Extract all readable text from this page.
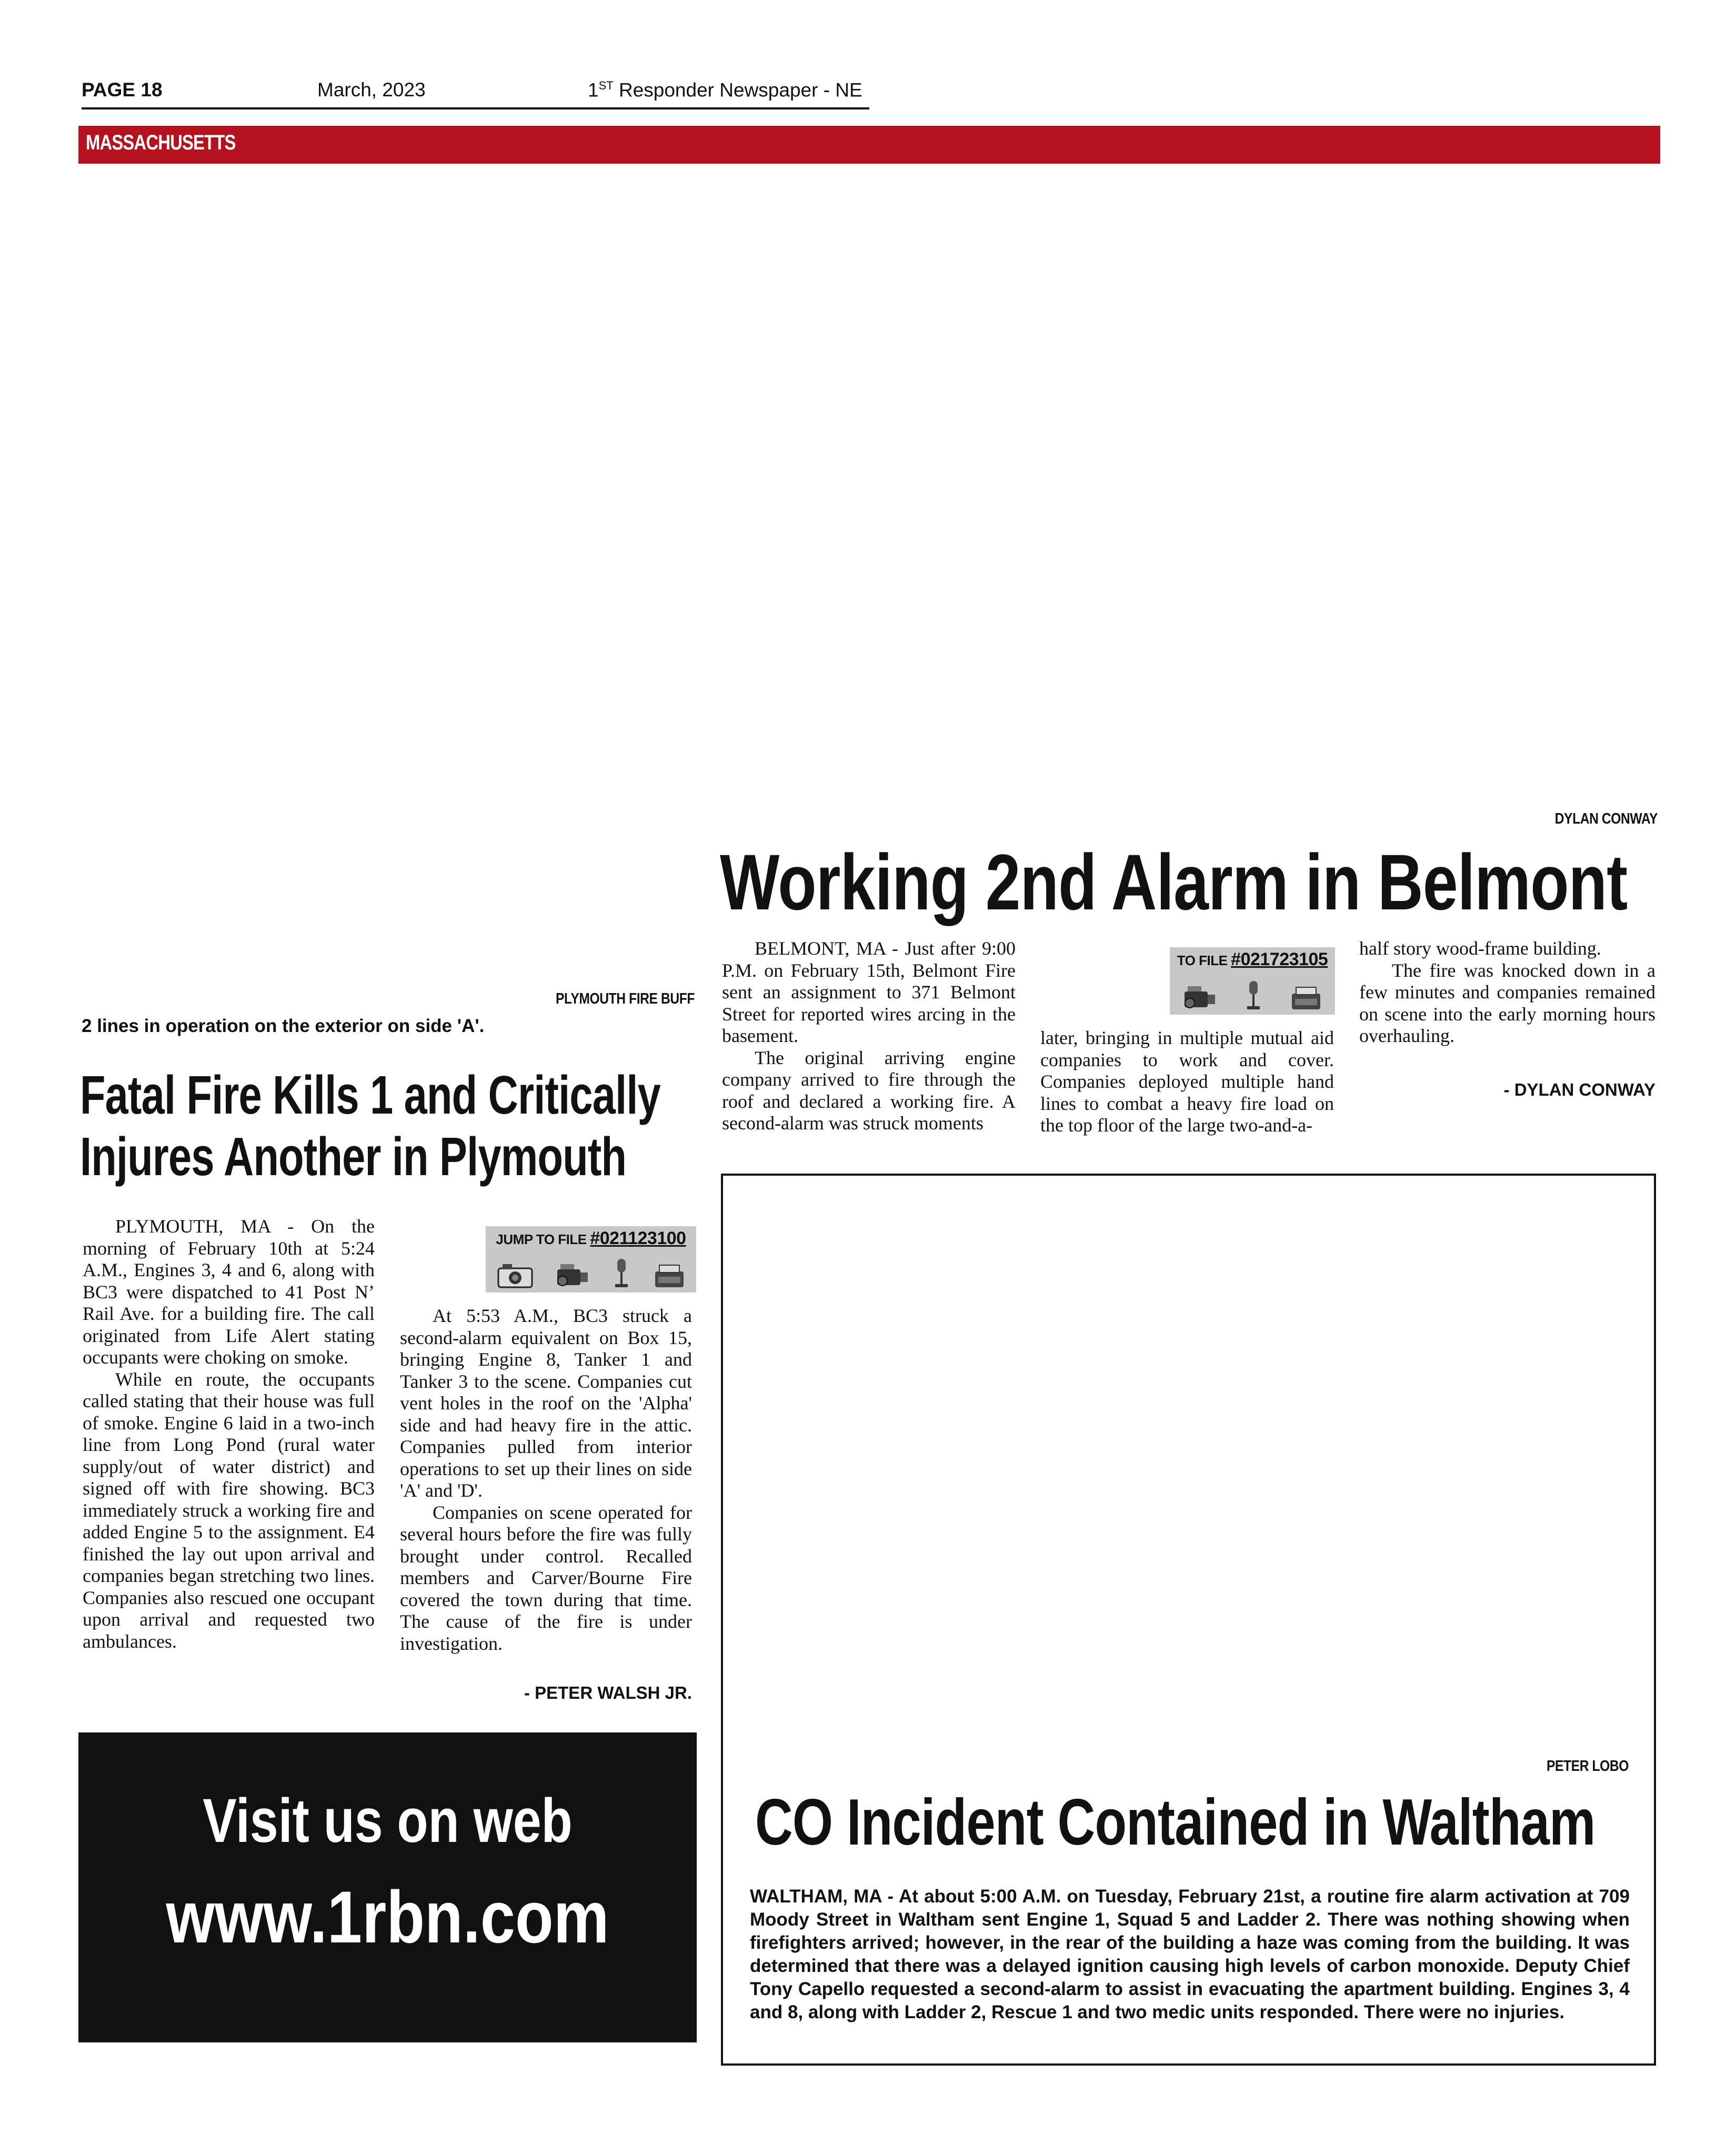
PAGE 18	March, 2023	1ST Responder Newspaper - NE
MASSACHUSETTS
DYLAN CONWAY
Working 2nd Alarm in Belmont

BELMONT, MA - Just after 9:00 P.M. on February 15th, Belmont Fire sent an assignment to 371 Belmont Street for reported wires arcing in the basement.

The original arriving engine company arrived to fire through the roof and declared a working fire. A second-alarm was struck moments

TO FILE #021723105

later, bringing in multiple mutual aid companies to work and cover. Companies deployed multiple hand lines to combat a heavy fire load on the top floor of the large two-and-a-

half story wood-frame building.

The fire was knocked down in a few minutes and companies remained on scene into the early morning hours overhauling.

- DYLAN CONWAY
PLYMOUTH FIRE BUFF
2 lines in operation on the exterior on side 'A'.
Fatal Fire Kills 1 and Critically
Injures Another in Plymouth

PLYMOUTH, MA - On the morning of February 10th at 5:24 A.M., Engines 3, 4 and 6, along with BC3 were dispatched to 41 Post N’ Rail Ave. for a building fire. The call originated from Life Alert stating occupants were choking on smoke.

While en route, the occupants called stating that their house was full of smoke. Engine 6 laid in a two-inch line from Long Pond (rural water supply/out of water district) and signed off with fire showing. BC3 immediately struck a working fire and added Engine 5 to the assignment. E4 finished the lay out upon arrival and companies began stretching two lines. Companies also rescued one occupant upon arrival and requested two ambulances.

JUMP TO FILE #021123100

At 5:53 A.M., BC3 struck a second-alarm equivalent on Box 15, bringing Engine 8, Tanker 1 and Tanker 3 to the scene. Companies cut vent holes in the roof on the 'Alpha' side and had heavy fire in the attic. Companies pulled from interior operations to set up their lines on side 'A' and 'D'.

Companies on scene operated for several hours before the fire was fully brought under control. Recalled members and Carver/Bourne Fire covered the town during that time. The cause of the fire is under investigation.

- PETER WALSH JR.
Visit us on web
www.1rbn.com
PETER LOBO
CO Incident Contained in Waltham
WALTHAM, MA - At about 5:00 A.M. on Tuesday, February 21st, a routine fire alarm activation at 709 Moody Street in Waltham sent Engine 1, Squad 5 and Ladder 2. There was nothing showing when firefighters arrived; however, in the rear of the building a haze was coming from the building. It was determined that there was a delayed ignition causing high levels of carbon monoxide. Deputy Chief Tony Capello requested a second-alarm to assist in evacuating the apartment building. Engines 3, 4 and 8, along with Ladder 2, Rescue 1 and two medic units responded. There were no injuries.
